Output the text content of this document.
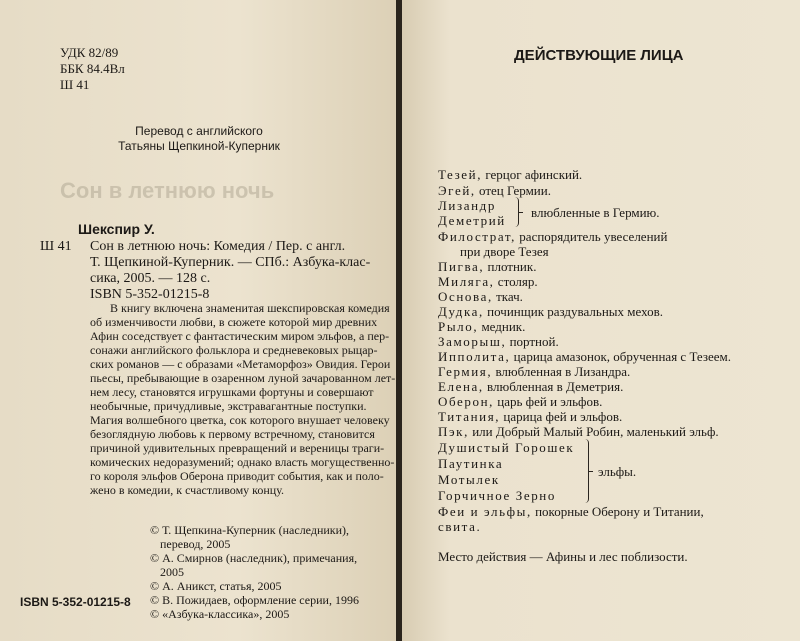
Сон в летнюю ночь
УДК 82/89
ББК 84.4Вл
Ш 41
Перевод с английского
Татьяны Щепкиной-Куперник
Шекспир У.
Ш 41 Сон в летнюю ночь: Комедия / Пер. с англ.
Т. Щепкиной-Куперник. — СПб.: Азбука-клас-
сика, 2005. — 128 с.
ISBN 5-352-01215-8
В книгу включена знаменитая шекспировская комедия
об изменчивости любви, в сюжете которой мир древних
Афин соседствует с фантастическим миром эльфов, а пер-
сонажи английского фольклора и средневековых рыцар-
ских романов — с образами «Метаморфоз» Овидия. Герои
пьесы, пребывающие в озаренном луной зачарованном лет-
нем лесу, становятся игрушками фортуны и совершают
необычные, причудливые, экстравагантные поступки.
Магия волшебного цветка, сок которого внушает человеку
безоглядную любовь к первому встречному, становится
причиной удивительных превращений и вереницы траги-
комических недоразумений; однако власть могущественно-
го короля эльфов Оберона приводит события, как и поло-
жено в комедии, к счастливому концу.
© Т. Щепкина-Куперник (наследники),
перевод, 2005
© А. Смирнов (наследник), примечания,
2005
© А. Аникст, статья, 2005
© В. Пожидаев, оформление серии, 1996
© «Азбука-классика», 2005
ISBN 5-352-01215-8
ДЕЙСТВУЮЩИЕ ЛИЦА
Тезей, герцог афинский.
Эгей, отец Гермии.
Лизандр
Деметрий
влюбленные в Гермию.
Филострат, распорядитель увеселений
при дворе Тезея
Пигва, плотник.
Миляга, столяр.
Основа, ткач.
Дудка, починщик раздувальных мехов.
Рыло, медник.
Заморыш, портной.
Ипполита, царица амазонок, обрученная с Тезеем.
Гермия, влюбленная в Лизандра.
Елена, влюбленная в Деметрия.
Оберон, царь фей и эльфов.
Титания, царица фей и эльфов.
Пэк, или Добрый Малый Робин, маленький эльф.
Душистый Горошек
Паутинка
Мотылек
Горчичное Зерно
эльфы.
Феи и эльфы, покорные Оберону и Титании,
свита.
Место действия — Афины и лес поблизости.
